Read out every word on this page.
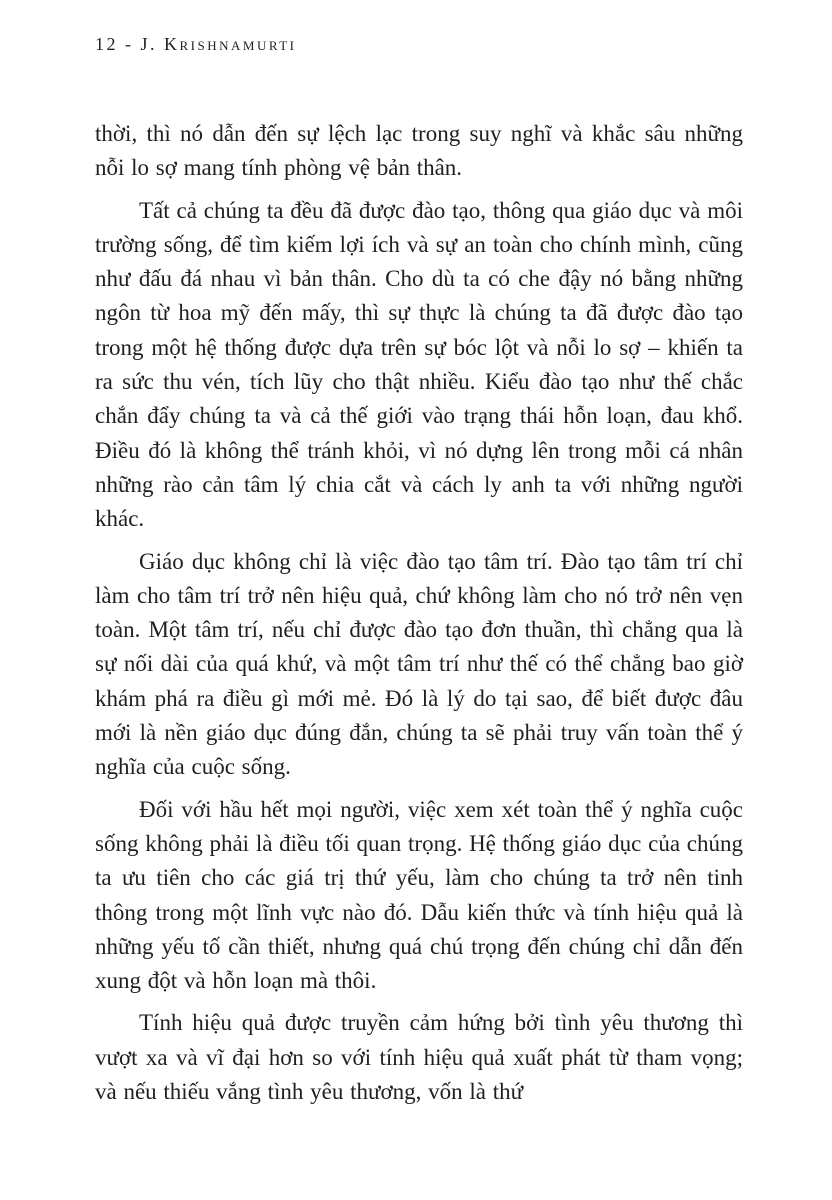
12 - J. Krishnamurti

thời, thì nó dẫn đến sự lệch lạc trong suy nghĩ và khắc sâu những nỗi lo sợ mang tính phòng vệ bản thân.

Tất cả chúng ta đều đã được đào tạo, thông qua giáo dục và môi trường sống, để tìm kiếm lợi ích và sự an toàn cho chính mình, cũng như đấu đá nhau vì bản thân. Cho dù ta có che đậy nó bằng những ngôn từ hoa mỹ đến mấy, thì sự thực là chúng ta đã được đào tạo trong một hệ thống được dựa trên sự bóc lột và nỗi lo sợ – khiến ta ra sức thu vén, tích lũy cho thật nhiều. Kiểu đào tạo như thế chắc chắn đẩy chúng ta và cả thế giới vào trạng thái hỗn loạn, đau khổ. Điều đó là không thể tránh khỏi, vì nó dựng lên trong mỗi cá nhân những rào cản tâm lý chia cắt và cách ly anh ta với những người khác.

Giáo dục không chỉ là việc đào tạo tâm trí. Đào tạo tâm trí chỉ làm cho tâm trí trở nên hiệu quả, chứ không làm cho nó trở nên vẹn toàn. Một tâm trí, nếu chỉ được đào tạo đơn thuần, thì chẳng qua là sự nối dài của quá khứ, và một tâm trí như thế có thể chẳng bao giờ khám phá ra điều gì mới mẻ. Đó là lý do tại sao, để biết được đâu mới là nền giáo dục đúng đắn, chúng ta sẽ phải truy vấn toàn thể ý nghĩa của cuộc sống.

Đối với hầu hết mọi người, việc xem xét toàn thể ý nghĩa cuộc sống không phải là điều tối quan trọng. Hệ thống giáo dục của chúng ta ưu tiên cho các giá trị thứ yếu, làm cho chúng ta trở nên tinh thông trong một lĩnh vực nào đó. Dẫu kiến thức và tính hiệu quả là những yếu tố cần thiết, nhưng quá chú trọng đến chúng chỉ dẫn đến xung đột và hỗn loạn mà thôi.

Tính hiệu quả được truyền cảm hứng bởi tình yêu thương thì vượt xa và vĩ đại hơn so với tính hiệu quả xuất phát từ tham vọng; và nếu thiếu vắng tình yêu thương, vốn là thứ
